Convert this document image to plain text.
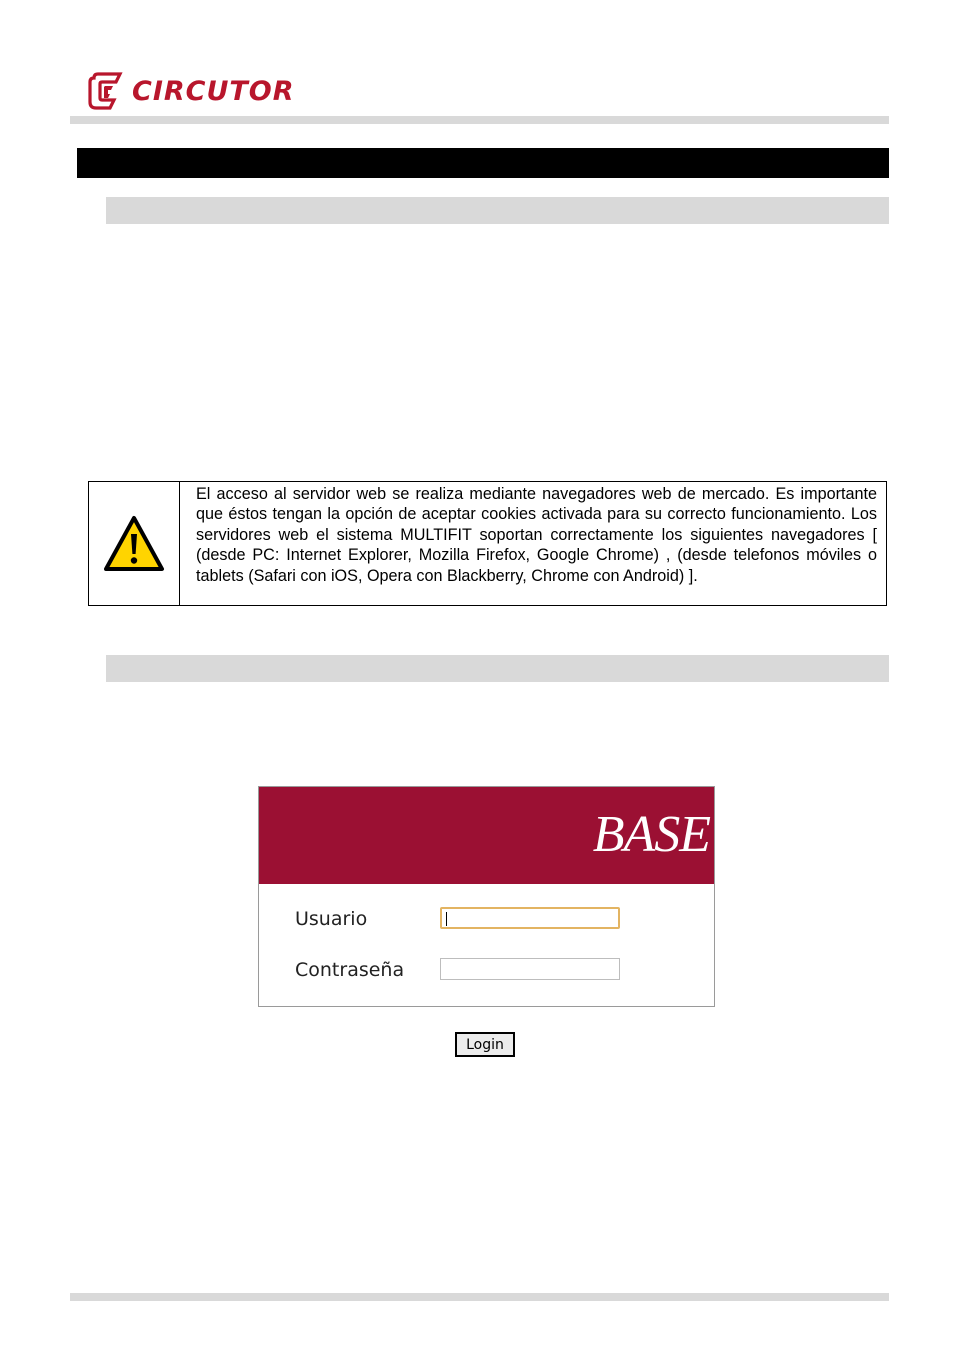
CIRCUTOR
El acceso al servidor web se realiza mediante navegadores web de mercado. Es importante que éstos tengan la opción de aceptar cookies activada para su correcto funcionamiento. Los servidores web el sistema MULTIFIT soportan correctamente los siguientes navegadores [ (desde PC: Internet Explorer, Mozilla Firefox, Google Chrome) , (desde telefonos móviles o tablets (Safari con iOS, Opera con Blackberry, Chrome con Android) ].
BASE
Usuario
Contraseña
Login
